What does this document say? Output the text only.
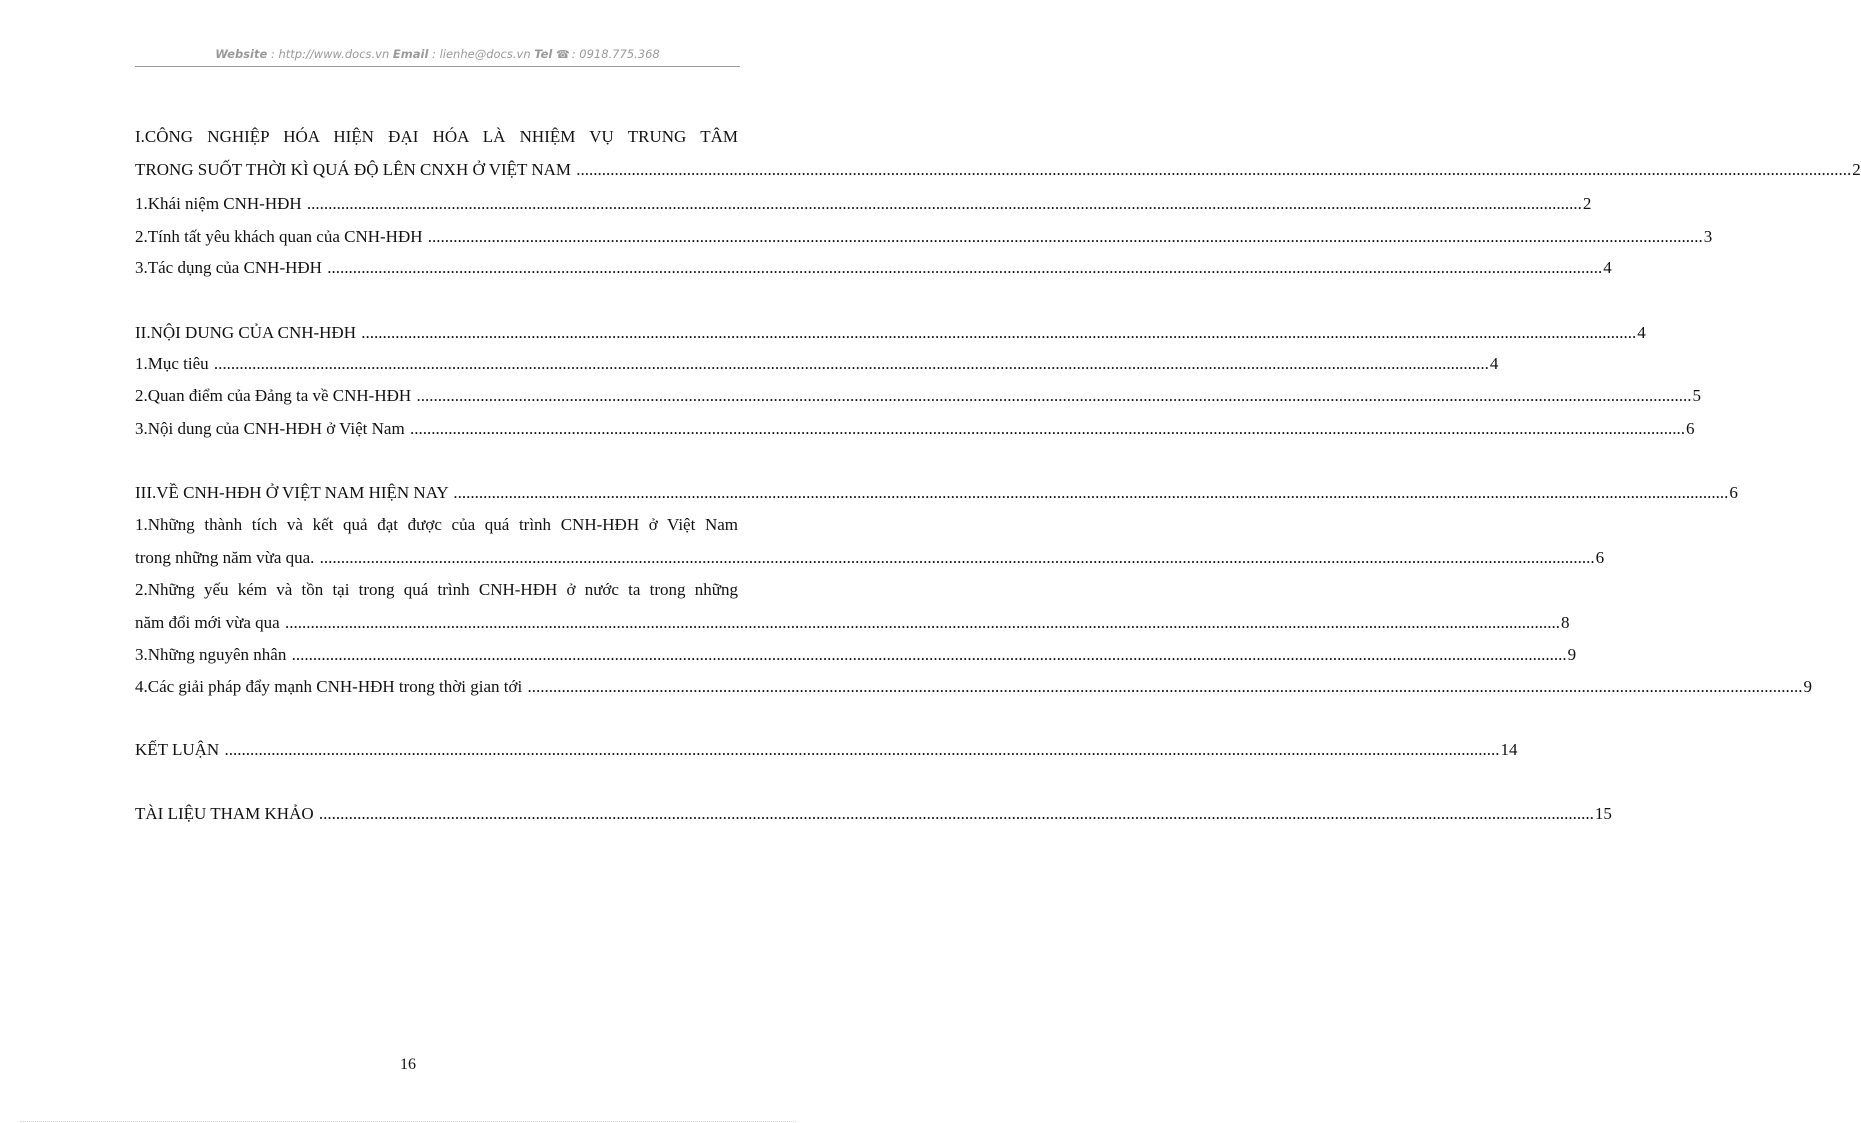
Website : http://www.docs.vn Email : lienhe@docs.vn Tel ☎ : 0918.775.368
I.CÔNG NGHIỆP HÓA HIỆN ĐẠI HÓA LÀ NHIỆM VỤ TRUNG TÂM
TRONG SUỐT THỜI KÌ QUÁ ĐỘ LÊN CNXH Ở VIỆT NAM ............................................................................................................................................................................................................................................................................................................ 2
1.Khái niệm CNH-HĐH ............................................................................................................................................................................................................................................................................................................ 2
2.Tính tất yêu khách quan của CNH-HĐH ............................................................................................................................................................................................................................................................................................................ 3
3.Tác dụng của CNH-HĐH ............................................................................................................................................................................................................................................................................................................ 4
II.NỘI DUNG CỦA CNH-HĐH ............................................................................................................................................................................................................................................................................................................ 4
1.Mục tiêu ............................................................................................................................................................................................................................................................................................................ 4
2.Quan điểm của Đảng ta về CNH-HĐH ............................................................................................................................................................................................................................................................................................................ 5
3.Nội dung của CNH-HĐH ở Việt Nam ............................................................................................................................................................................................................................................................................................................ 6
III.VỀ CNH-HĐH Ở VIỆT NAM HIỆN NAY ............................................................................................................................................................................................................................................................................................................ 6
1.Những thành tích và kết quả đạt được của quá trình CNH-HĐH ở Việt Nam
trong những năm vừa qua. ............................................................................................................................................................................................................................................................................................................ 6
2.Những yếu kém và tồn tại trong quá trình CNH-HĐH ở nước ta trong những
năm đổi mới vừa qua ............................................................................................................................................................................................................................................................................................................ 8
3.Những nguyên nhân ............................................................................................................................................................................................................................................................................................................ 9
4.Các giải pháp đẩy mạnh CNH-HĐH trong thời gian tới ............................................................................................................................................................................................................................................................................................................ 9
KẾT LUẬN ............................................................................................................................................................................................................................................................................................................ 14
TÀI LIỆU THAM KHẢO ............................................................................................................................................................................................................................................................................................................ 15
16
